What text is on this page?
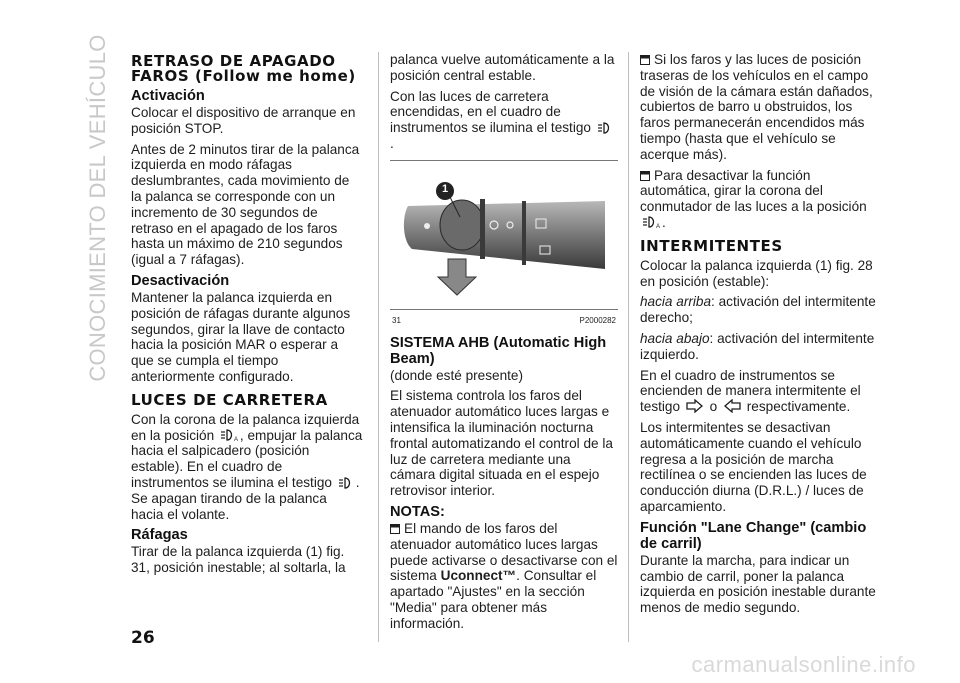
CONOCIMIENTO DEL VEHÍCULO RETRASO DE APAGADO FAROS (Follow me home)
Activación

Colocar el dispositivo de arranque en posición STOP.

Antes de 2 minutos tirar de la palanca izquierda en modo ráfagas deslumbrantes, cada movimiento de la palanca se corresponde con un incremento de 30 segundos de retraso en el apagado de los faros hasta un máximo de 210 segundos (igual a 7 ráfagas).

Desactivación

Mantener la palanca izquierda en posición de ráfagas durante algunos segundos, girar la llave de contacto hacia la posición MAR o esperar a que se cumpla el tiempo anteriormente configurado.

LUCES DE CARRETERA

Con la corona de la palanca izquierda en la posición	A , empujar la palanca hacia el salpicadero (posición estable). En el cuadro de instrumentos se ilumina el testigo . Se apagan tirando de la palanca hacia el volante.

Ráfagas

Tirar de la palanca izquierda (1) fig. 31, posición inestable; al soltarla, la

palanca vuelve automáticamente a la posición central estable.

Con las luces de carretera encendidas, en el cuadro de instrumentos se ilumina el testigo .

1
31	P2000282
SISTEMA AHB (Automatic High Beam)

(donde esté presente)

El sistema controla los faros del atenuador automático luces largas e intensifica la iluminación nocturna frontal automatizando el control de la luz de carretera mediante una cámara digital situada en el espejo retrovisor interior.

NOTAS:

El mando de los faros del atenuador automático luces largas puede activarse o desactivarse con el sistema Uconnect™. Consultar el apartado "Ajustes" en la sección "Media" para obtener más información.

Si los faros y las luces de posición traseras de los vehículos en el campo de visión de la cámara están dañados, cubiertos de barro u obstruidos, los faros permanecerán encendidos más tiempo (hasta que el vehículo se acerque más).

Para desactivar la función automática, girar la corona del conmutador de las luces a la posición
A .

INTERMITENTES

Colocar la palanca izquierda (1) fig. 28 en posición (estable):

hacia arriba: activación del intermitente derecho;

hacia abajo: activación del intermitente izquierdo.

En el cuadro de instrumentos se encienden de manera intermitente el testigo o respectivamente.

Los intermitentes se desactivan automáticamente cuando el vehículo regresa a la posición de marcha rectilínea o se encienden las luces de conducción diurna (D.R.L.) / luces de aparcamiento.

Función "Lane Change" (cambio de carril)

Durante la marcha, para indicar un cambio de carril, poner la palanca izquierda en posición inestable durante menos de medio segundo.

26
carmanualsonline.info
